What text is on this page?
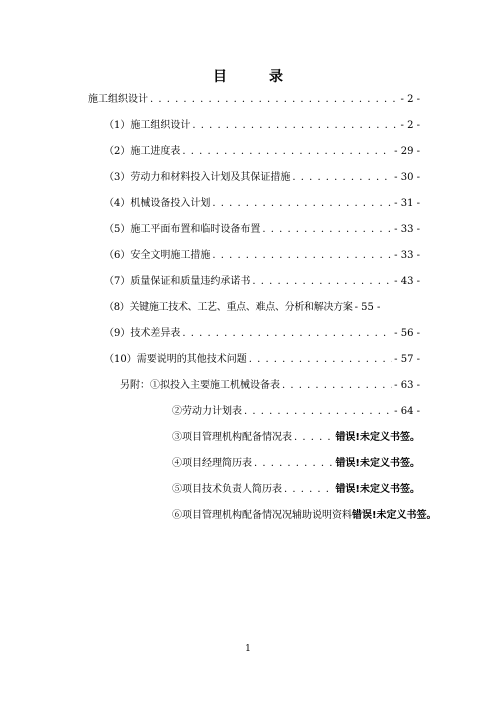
目　录
施工组织设计 . . .	- 2 -
（1）施工组织设计 . . .	- 2 -
（2）施工进度表 . . .	- 29 -
（3）劳动力和材料投入计划及其保证措施 . . .	- 30 -
（4）机械设备投入计划 . . .	- 31 -
（5）施工平面布置和临时设备布置 . . .	- 33 -
（6）安全文明施工措施 . . .	- 33 -
（7）质量保证和质量违约承诺书 . . .	- 43 -
（8）关键施工技术、工艺、重点、难点、分析和解决方案 - 55 -
（9）技术差异表 . . .	- 56 -
（10）需要说明的其他技术问题 . . .	- 57 -
另附：①拟投入主要施工机械设备表 . . .	- 63 -
②劳动力计划表 . . .	- 64 -
③项目管理机构配备情况表 . . .	错误!未定义书签。
④项目经理简历表 . . .	错误!未定义书签。
⑤项目技术负责人简历表 . . .	错误!未定义书签。
⑥项目管理机构配备情况况辅助说明资料 错误!未定义书签。
1
